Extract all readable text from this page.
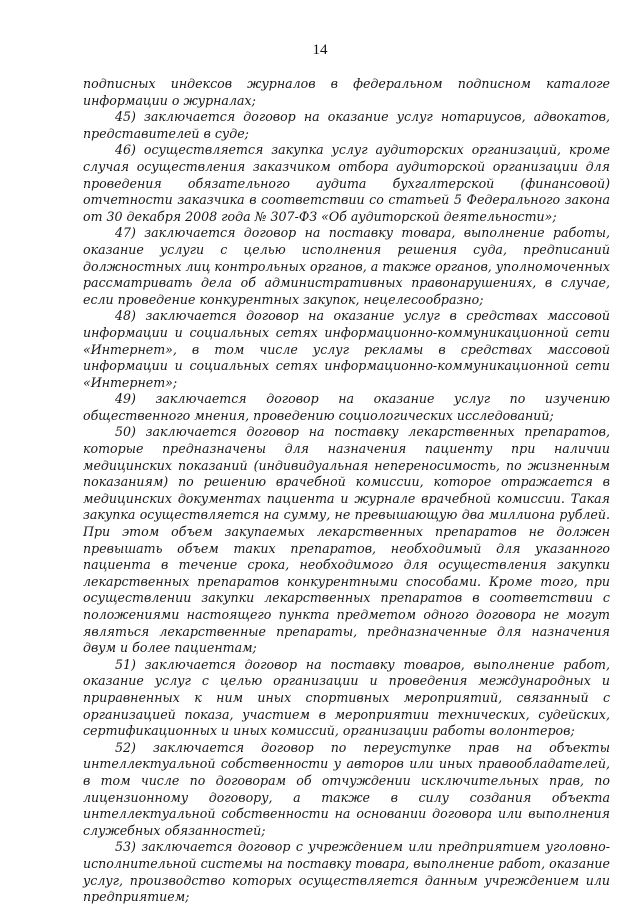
14

подписных индексов журналов в федеральном подписном каталоге информации о журналах;

45) заключается договор на оказание услуг нотариусов, адвокатов, представителей в суде;

46) осуществляется закупка услуг аудиторских организаций, кроме случая осуществления заказчиком отбора аудиторской организации для проведения обязательного аудита бухгалтерской (финансовой) отчетности заказчика в соответствии со статьей 5 Федерального закона от 30 декабря 2008 года № 307-ФЗ «Об аудиторской деятельности»;

47) заключается договор на поставку товара, выполнение работы, оказание услуги с целью исполнения решения суда, предписаний должностных лиц контрольных органов, а также органов, уполномоченных рассматривать дела об административных правонарушениях, в случае, если проведение конкурентных закупок, нецелесообразно;

48) заключается договор на оказание услуг в средствах массовой информации и социальных сетях информационно-коммуникационной сети «Интернет», в том числе услуг рекламы в средствах массовой информации и социальных сетях информационно-коммуникационной сети «Интернет»;

49) заключается договор на оказание услуг по изучению общественного мнения, проведению социологических исследований;

50) заключается договор на поставку лекарственных препаратов, которые предназначены для назначения пациенту при наличии медицинских показаний (индивидуальная непереносимость, по жизненным показаниям) по решению врачебной комиссии, которое отражается в медицинских документах пациента и журнале врачебной комиссии. Такая закупка осуществляется на сумму, не превышающую два миллиона рублей. При этом объем закупаемых лекарственных препаратов не должен превышать объем таких препаратов, необходимый для указанного пациента в течение срока, необходимого для осуществления закупки лекарственных препаратов конкурентными способами. Кроме того, при осуществлении закупки лекарственных препаратов в соответствии с положениями настоящего пункта предметом одного договора не могут являться лекарственные препараты, предназначенные для назначения двум и более пациентам;

51) заключается договор на поставку товаров, выполнение работ, оказание услуг с целью организации и проведения международных и приравненных к ним иных спортивных мероприятий, связанный с организацией показа, участием в мероприятии технических, судейских, сертификационных и иных комиссий, организации работы волонтеров;

52) заключается договор по переуступке прав на объекты интеллектуальной собственности у авторов или иных правообладателей, в том числе по договорам об отчуждении исключительных прав, по лицензионному договору, а также в силу создания объекта интеллектуальной собственности на основании договора или выполнения служебных обязанностей;

53) заключается договор с учреждением или предприятием уголовно-исполнительной системы на поставку товара, выполнение работ, оказание услуг, производство которых осуществляется данным учреждением или предприятием;
